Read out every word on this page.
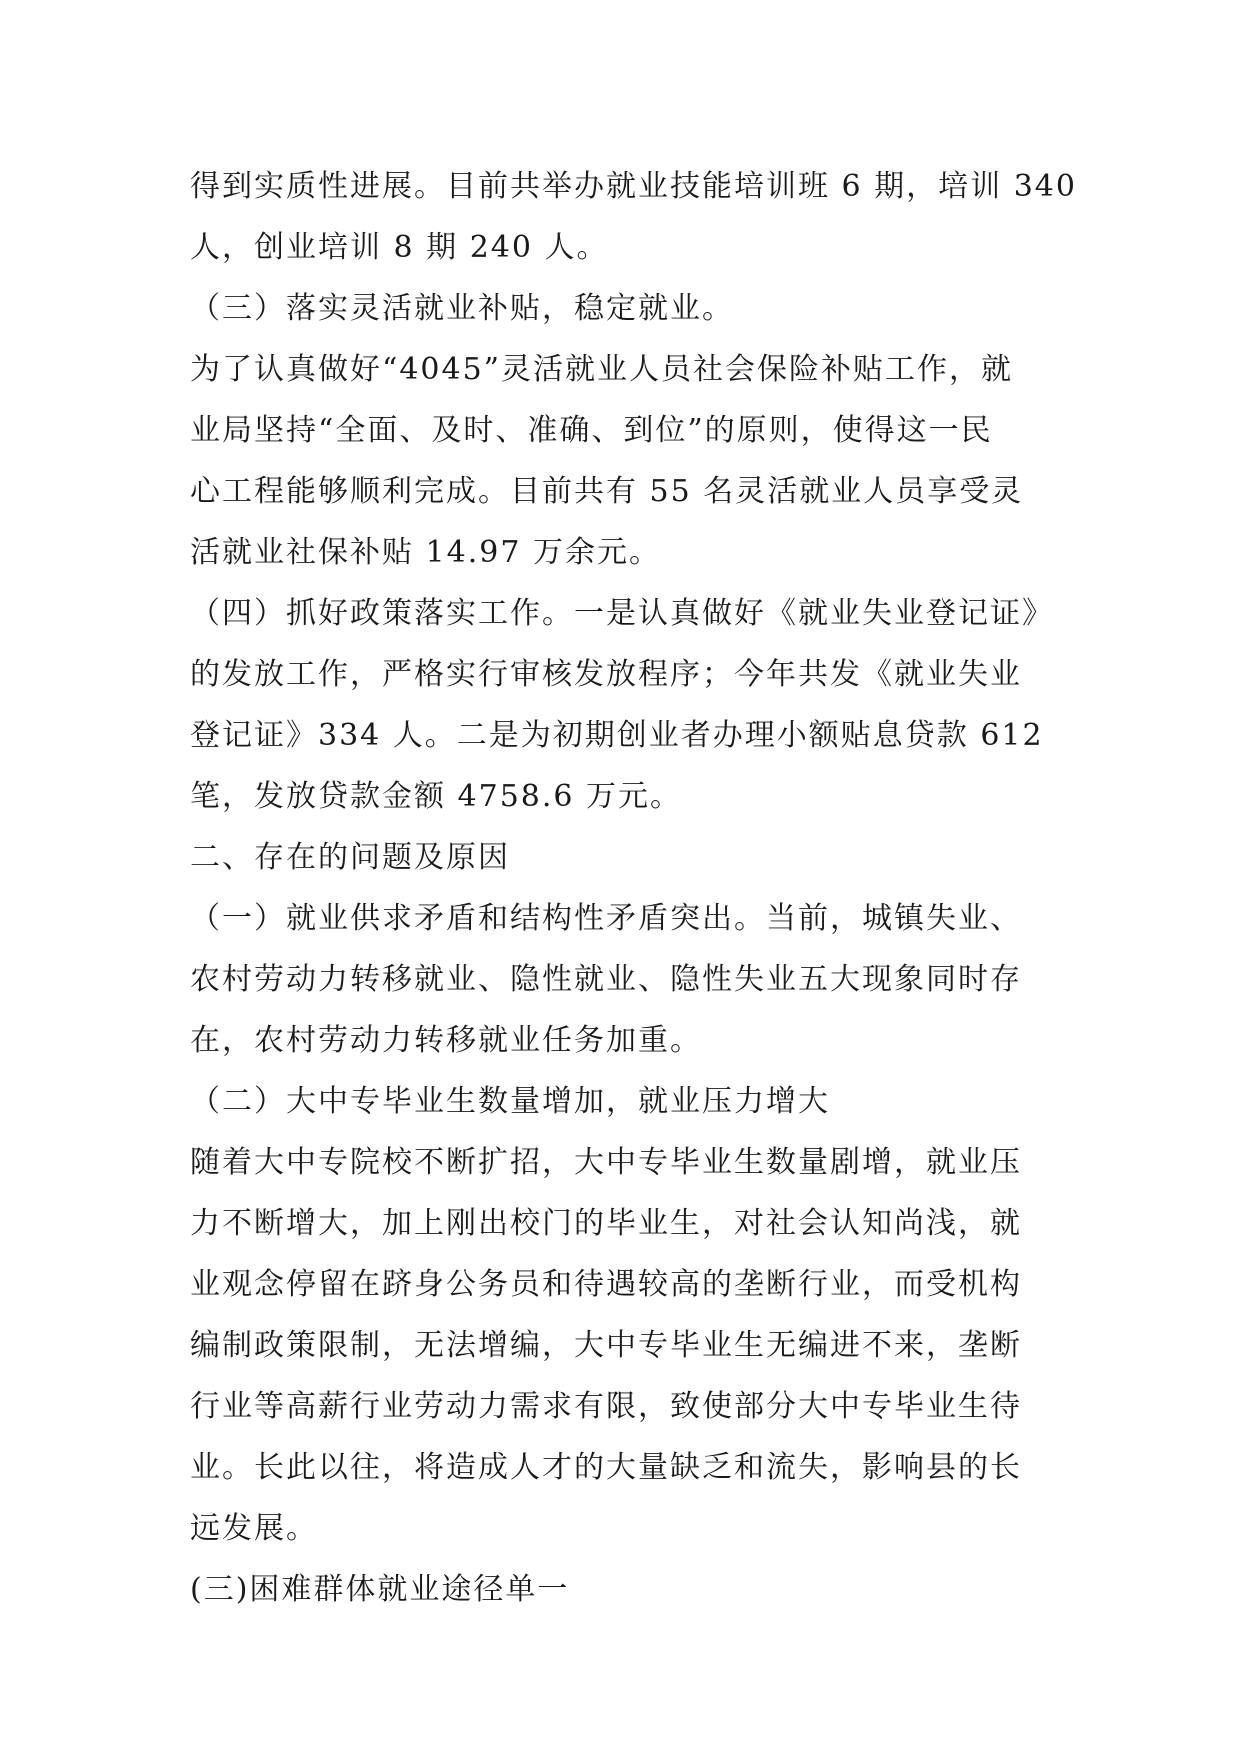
得到实质性进展。目前共举办就业技能培训班 6 期，培训 340
人，创业培训 8 期 240 人。
（三）落实灵活就业补贴，稳定就业。
为了认真做好“4045”灵活就业人员社会保险补贴工作，就
业局坚持“全面、及时、准确、到位”的原则，使得这一民
心工程能够顺利完成。目前共有 55 名灵活就业人员享受灵
活就业社保补贴 14.97 万余元。
（四）抓好政策落实工作。一是认真做好《就业失业登记证》
的发放工作，严格实行审核发放程序；今年共发《就业失业
登记证》334 人。二是为初期创业者办理小额贴息贷款 612
笔，发放贷款金额 4758.6 万元。
二、存在的问题及原因
（一）就业供求矛盾和结构性矛盾突出。当前，城镇失业、
农村劳动力转移就业、隐性就业、隐性失业五大现象同时存
在，农村劳动力转移就业任务加重。
（二）大中专毕业生数量增加，就业压力增大
随着大中专院校不断扩招，大中专毕业生数量剧增，就业压
力不断增大，加上刚出校门的毕业生，对社会认知尚浅，就
业观念停留在跻身公务员和待遇较高的垄断行业，而受机构
编制政策限制，无法增编，大中专毕业生无编进不来，垄断
行业等高薪行业劳动力需求有限，致使部分大中专毕业生待
业。长此以往，将造成人才的大量缺乏和流失，影响县的长
远发展。
(三)困难群体就业途径单一
